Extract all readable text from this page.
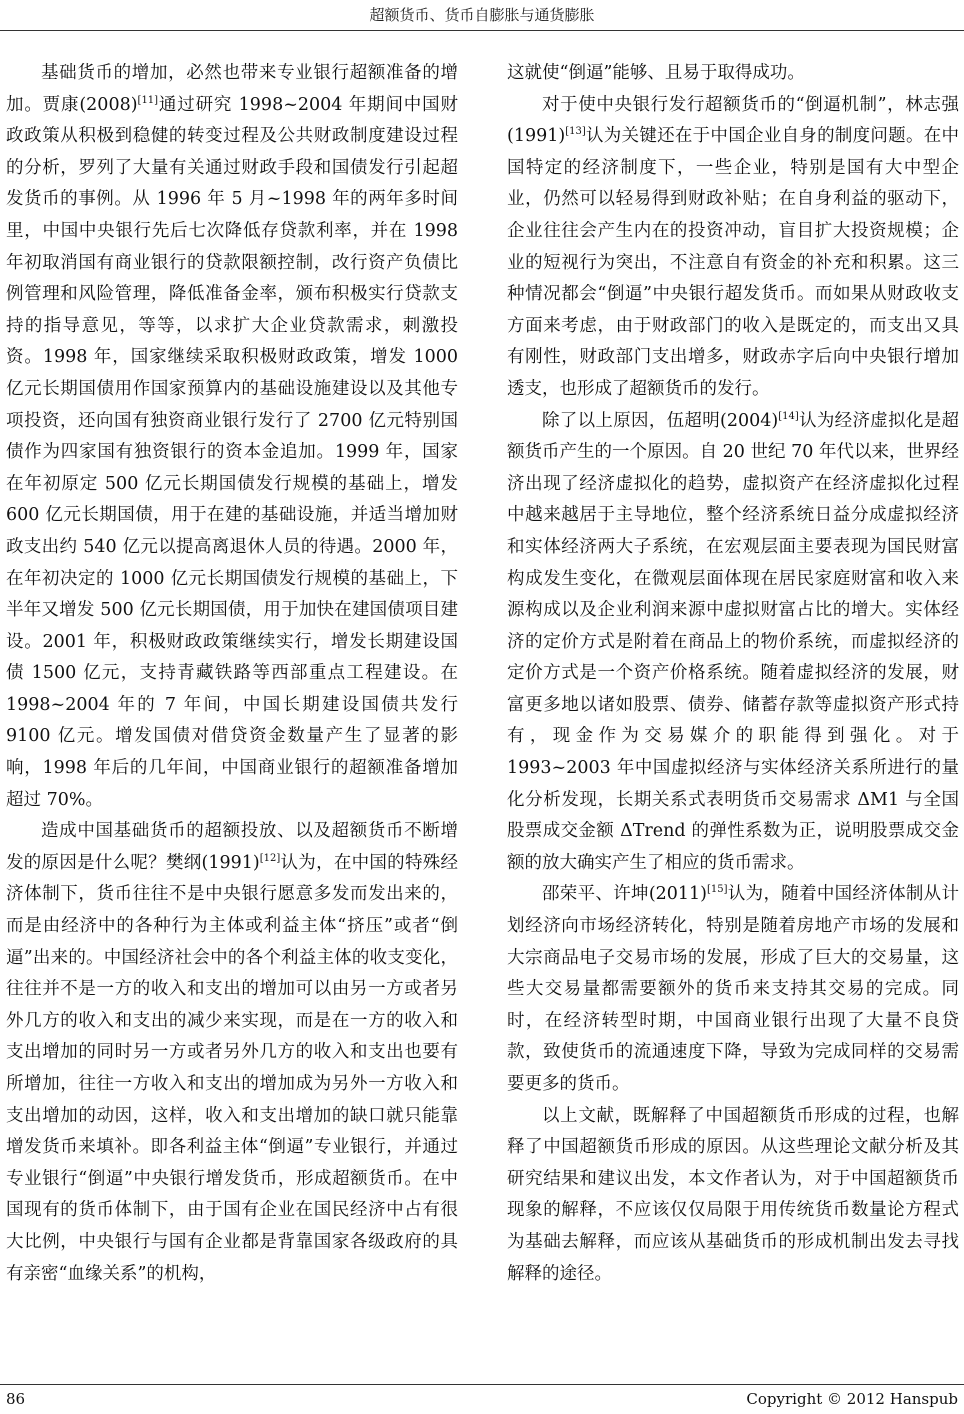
超额货币、货币自膨胀与通货膨胀

基础货币的增加，必然也带来专业银行超额准备的增加。贾康(2008)[11]通过研究 1998~2004 年期间中国财政政策从积极到稳健的转变过程及公共财政制度建设过程的分析，罗列了大量有关通过财政手段和国债发行引起超发货币的事例。从 1996 年 5 月~1998 年的两年多时间里，中国中央银行先后七次降低存贷款利率，并在 1998 年初取消国有商业银行的贷款限额控制，改行资产负债比例管理和风险管理，降低准备金率，颁布积极实行贷款支持的指导意见，等等，以求扩大企业贷款需求，刺激投资。1998 年，国家继续采取积极财政政策，增发 1000 亿元长期国债用作国家预算内的基础设施建设以及其他专项投资，还向国有独资商业银行发行了 2700 亿元特别国债作为四家国有独资银行的资本金追加。1999 年，国家在年初原定 500 亿元长期国债发行规模的基础上，增发 600 亿元长期国债，用于在建的基础设施，并适当增加财政支出约 540 亿元以提高离退休人员的待遇。2000 年，在年初决定的 1000 亿元长期国债发行规模的基础上，下半年又增发 500 亿元长期国债，用于加快在建国债项目建设。2001 年，积极财政政策继续实行，增发长期建设国债 1500 亿元，支持青藏铁路等西部重点工程建设。在 1998~2004 年的 7 年间，中国长期建设国债共发行 9100 亿元。增发国债对借贷资金数量产生了显著的影响，1998 年后的几年间，中国商业银行的超额准备增加超过 70%。

造成中国基础货币的超额投放、以及超额货币不断增发的原因是什么呢？樊纲(1991)[12]认为，在中国的特殊经济体制下，货币往往不是中央银行愿意多发而发出来的，而是由经济中的各种行为主体或利益主体“挤压”或者“倒逼”出来的。中国经济社会中的各个利益主体的收支变化，往往并不是一方的收入和支出的增加可以由另一方或者另外几方的收入和支出的减少来实现，而是在一方的收入和支出增加的同时另一方或者另外几方的收入和支出也要有所增加，往往一方收入和支出的增加成为另外一方收入和支出增加的动因，这样，收入和支出增加的缺口就只能靠增发货币来填补。即各利益主体“倒逼”专业银行，并通过专业银行“倒逼”中央银行增发货币，形成超额货币。在中国现有的货币体制下，由于国有企业在国民经济中占有很大比例，中央银行与国有企业都是背靠国家各级政府的具有亲密“血缘关系”的机构，

这就使“倒逼”能够、且易于取得成功。

对于使中央银行发行超额货币的“倒逼机制”，林志强(1991)[13]认为关键还在于中国企业自身的制度问题。在中国特定的经济制度下，一些企业，特别是国有大中型企业，仍然可以轻易得到财政补贴；在自身利益的驱动下，企业往往会产生内在的投资冲动，盲目扩大投资规模；企业的短视行为突出，不注意自有资金的补充和积累。这三种情况都会“倒逼”中央银行超发货币。而如果从财政收支方面来考虑，由于财政部门的收入是既定的，而支出又具有刚性，财政部门支出增多，财政赤字后向中央银行增加透支，也形成了超额货币的发行。

除了以上原因，伍超明(2004)[14]认为经济虚拟化是超额货币产生的一个原因。自 20 世纪 70 年代以来，世界经济出现了经济虚拟化的趋势，虚拟资产在经济虚拟化过程中越来越居于主导地位，整个经济系统日益分成虚拟经济和实体经济两大子系统，在宏观层面主要表现为国民财富构成发生变化，在微观层面体现在居民家庭财富和收入来源构成以及企业利润来源中虚拟财富占比的增大。实体经济的定价方式是附着在商品上的物价系统，而虚拟经济的定价方式是一个资产价格系统。随着虚拟经济的发展，财富更多地以诸如股票、债券、储蓄存款等虚拟资产形式持有，现金作为交易媒介的职能得到强化。对于 1993~2003 年中国虚拟经济与实体经济关系所进行的量化分析发现，长期关系式表明货币交易需求 ΔM1 与全国股票成交金额 ΔTrend 的弹性系数为正，说明股票成交金额的放大确实产生了相应的货币需求。

邵荣平、许坤(2011)[15]认为，随着中国经济体制从计划经济向市场经济转化，特别是随着房地产市场的发展和大宗商品电子交易市场的发展，形成了巨大的交易量，这些大交易量都需要额外的货币来支持其交易的完成。同时，在经济转型时期，中国商业银行出现了大量不良贷款，致使货币的流通速度下降，导致为完成同样的交易需要更多的货币。

以上文献，既解释了中国超额货币形成的过程，也解释了中国超额货币形成的原因。从这些理论文献分析及其研究结果和建议出发，本文作者认为，对于中国超额货币现象的解释，不应该仅仅局限于用传统货币数量论方程式为基础去解释，而应该从基础货币的形成机制出发去寻找解释的途径。

86	Copyright © 2012 Hanspub
